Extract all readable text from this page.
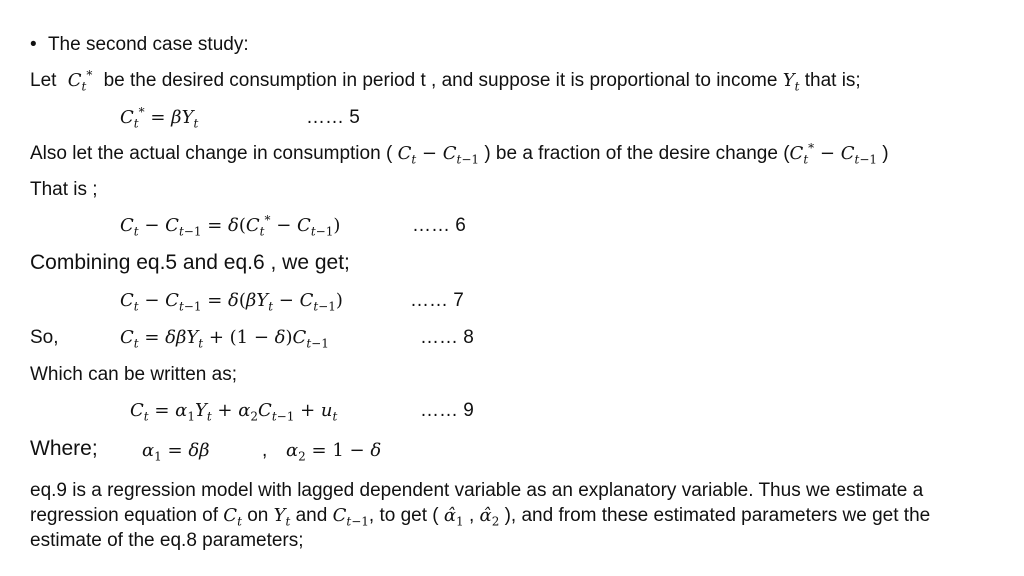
• The second case study:
Let $C_t^*$ be the desired consumption in period t , and suppose it is proportional to income $Y_t$ that is;
$C_t^* = \beta Y_t$	…… 5
Also let the actual change in consumption ( $C_t - C_{t-1}$ ) be a fraction of the desire change ($C_t^* - C_{t-1}$ )
That is ;
$C_t - C_{t-1} = \delta(C_t^* - C_{t-1})$	…… 6
Combining eq.5 and eq.6 , we get;
$C_t - C_{t-1} = \delta(\beta Y_t - C_{t-1})$	…… 7
So,	$C_t = \delta\beta Y_t + (1 - \delta)C_{t-1}$	…… 8
Which can be written as;
$C_t = \alpha_1Y_t + \alpha_2C_{t-1} + u_t$	…… 9
Where; $\alpha_1 = \delta\beta$	, $\alpha_2 = 1 - \delta$
eq.9 is a regression model with lagged dependent variable as an explanatory variable. Thus we estimate a regression equation of $C_t$ on $Y_t$ and $C_{t-1}$, to get ( $\alphâ_1$ , $\alphâ_2$ ), and from these estimated parameters we get the estimate of the eq.8 parameters;
